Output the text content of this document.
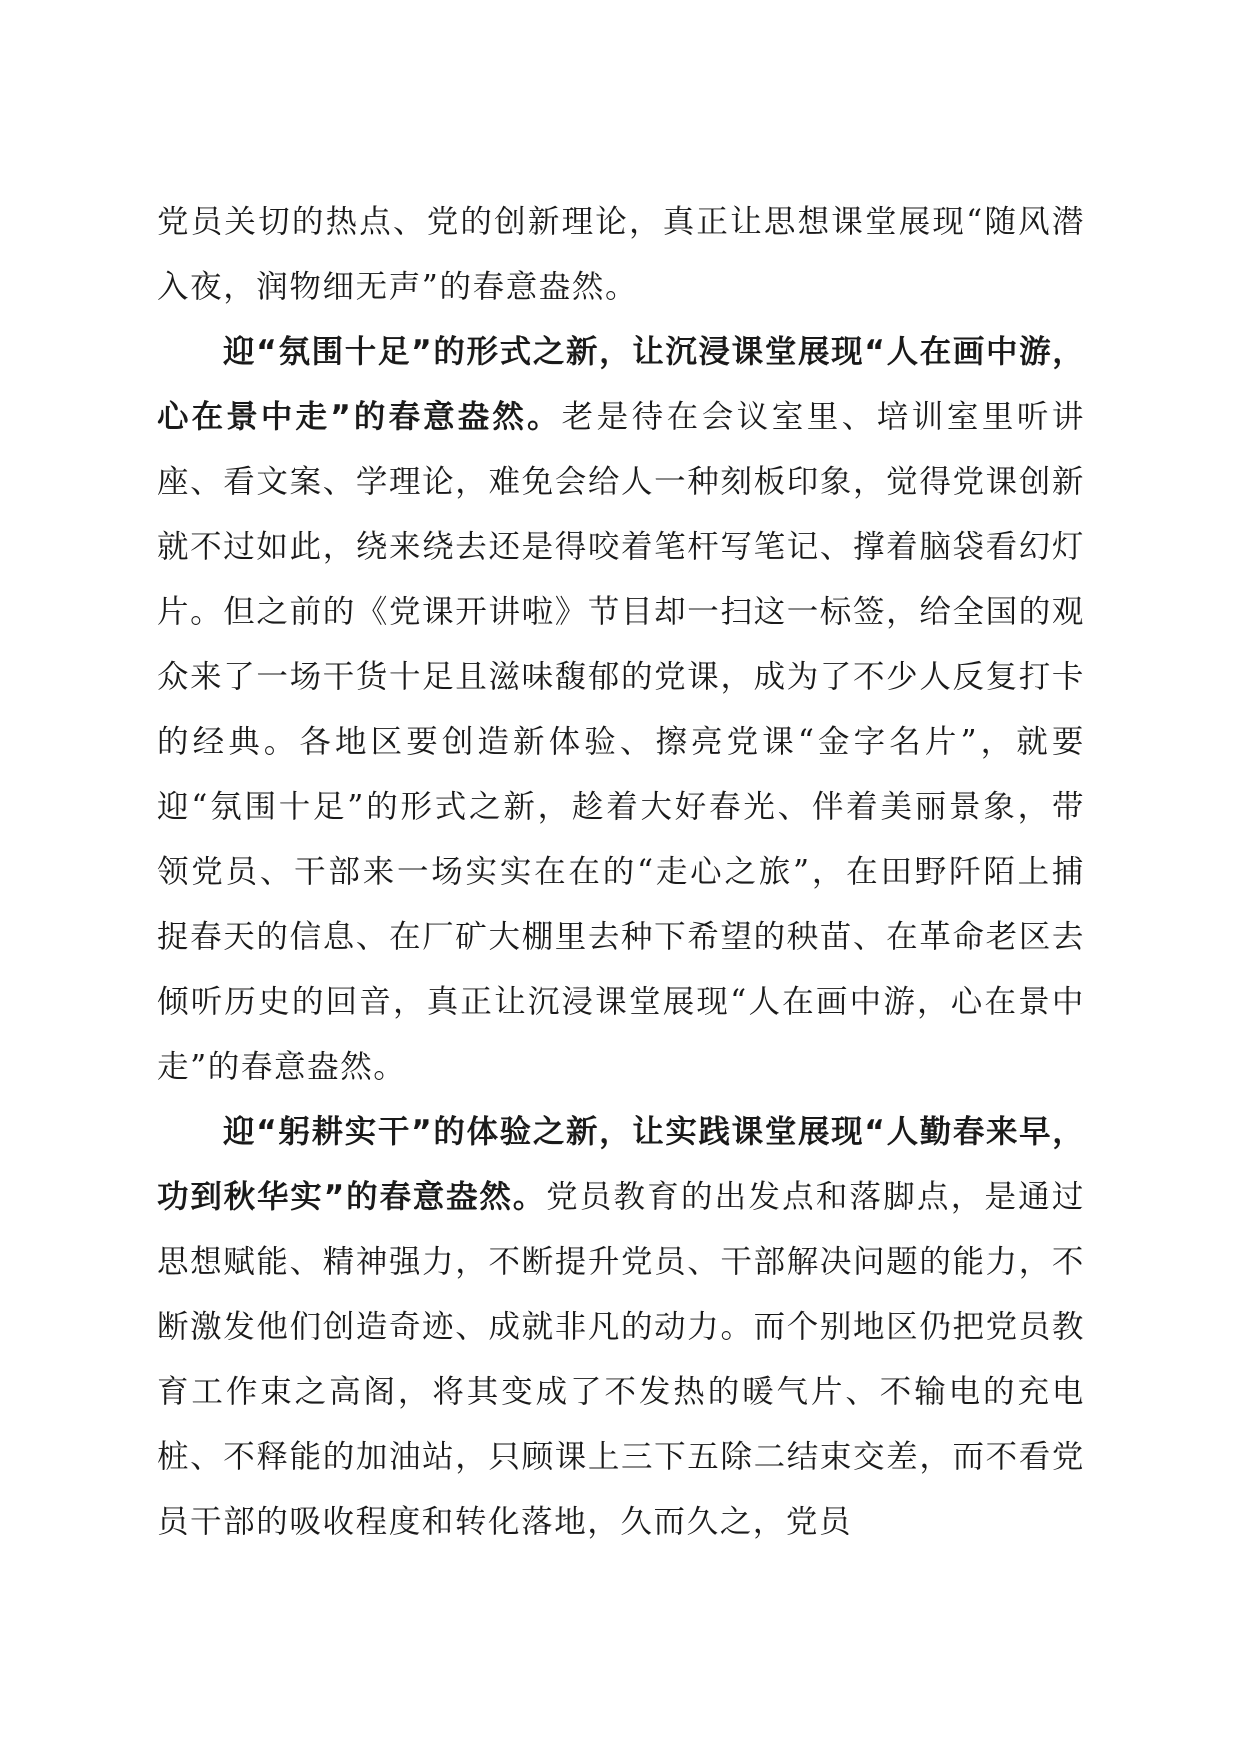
党员关切的热点、党的创新理论，真正让思想课堂展现“随风潜入夜，润物细无声”的春意盎然。

迎“氛围十足”的形式之新，让沉浸课堂展现“人在画中游，心在景中走”的春意盎然。老是待在会议室里、培训室里听讲座、看文案、学理论，难免会给人一种刻板印象，觉得党课创新就不过如此，绕来绕去还是得咬着笔杆写笔记、撑着脑袋看幻灯片。但之前的《党课开讲啦》节目却一扫这一标签，给全国的观众来了一场干货十足且滋味馥郁的党课，成为了不少人反复打卡的经典。各地区要创造新体验、擦亮党课“金字名片”，就要迎“氛围十足”的形式之新，趁着大好春光、伴着美丽景象，带领党员、干部来一场实实在在的“走心之旅”，在田野阡陌上捕捉春天的信息、在厂矿大棚里去种下希望的秧苗、在革命老区去倾听历史的回音，真正让沉浸课堂展现“人在画中游，心在景中走”的春意盎然。

迎“躬耕实干”的体验之新，让实践课堂展现“人勤春来早，功到秋华实”的春意盎然。党员教育的出发点和落脚点，是通过思想赋能、精神强力，不断提升党员、干部解决问题的能力，不断激发他们创造奇迹、成就非凡的动力。而个别地区仍把党员教育工作束之高阁，将其变成了不发热的暖气片、不输电的充电桩、不释能的加油站，只顾课上三下五除二结束交差，而不看党员干部的吸收程度和转化落地，久而久之，党员
